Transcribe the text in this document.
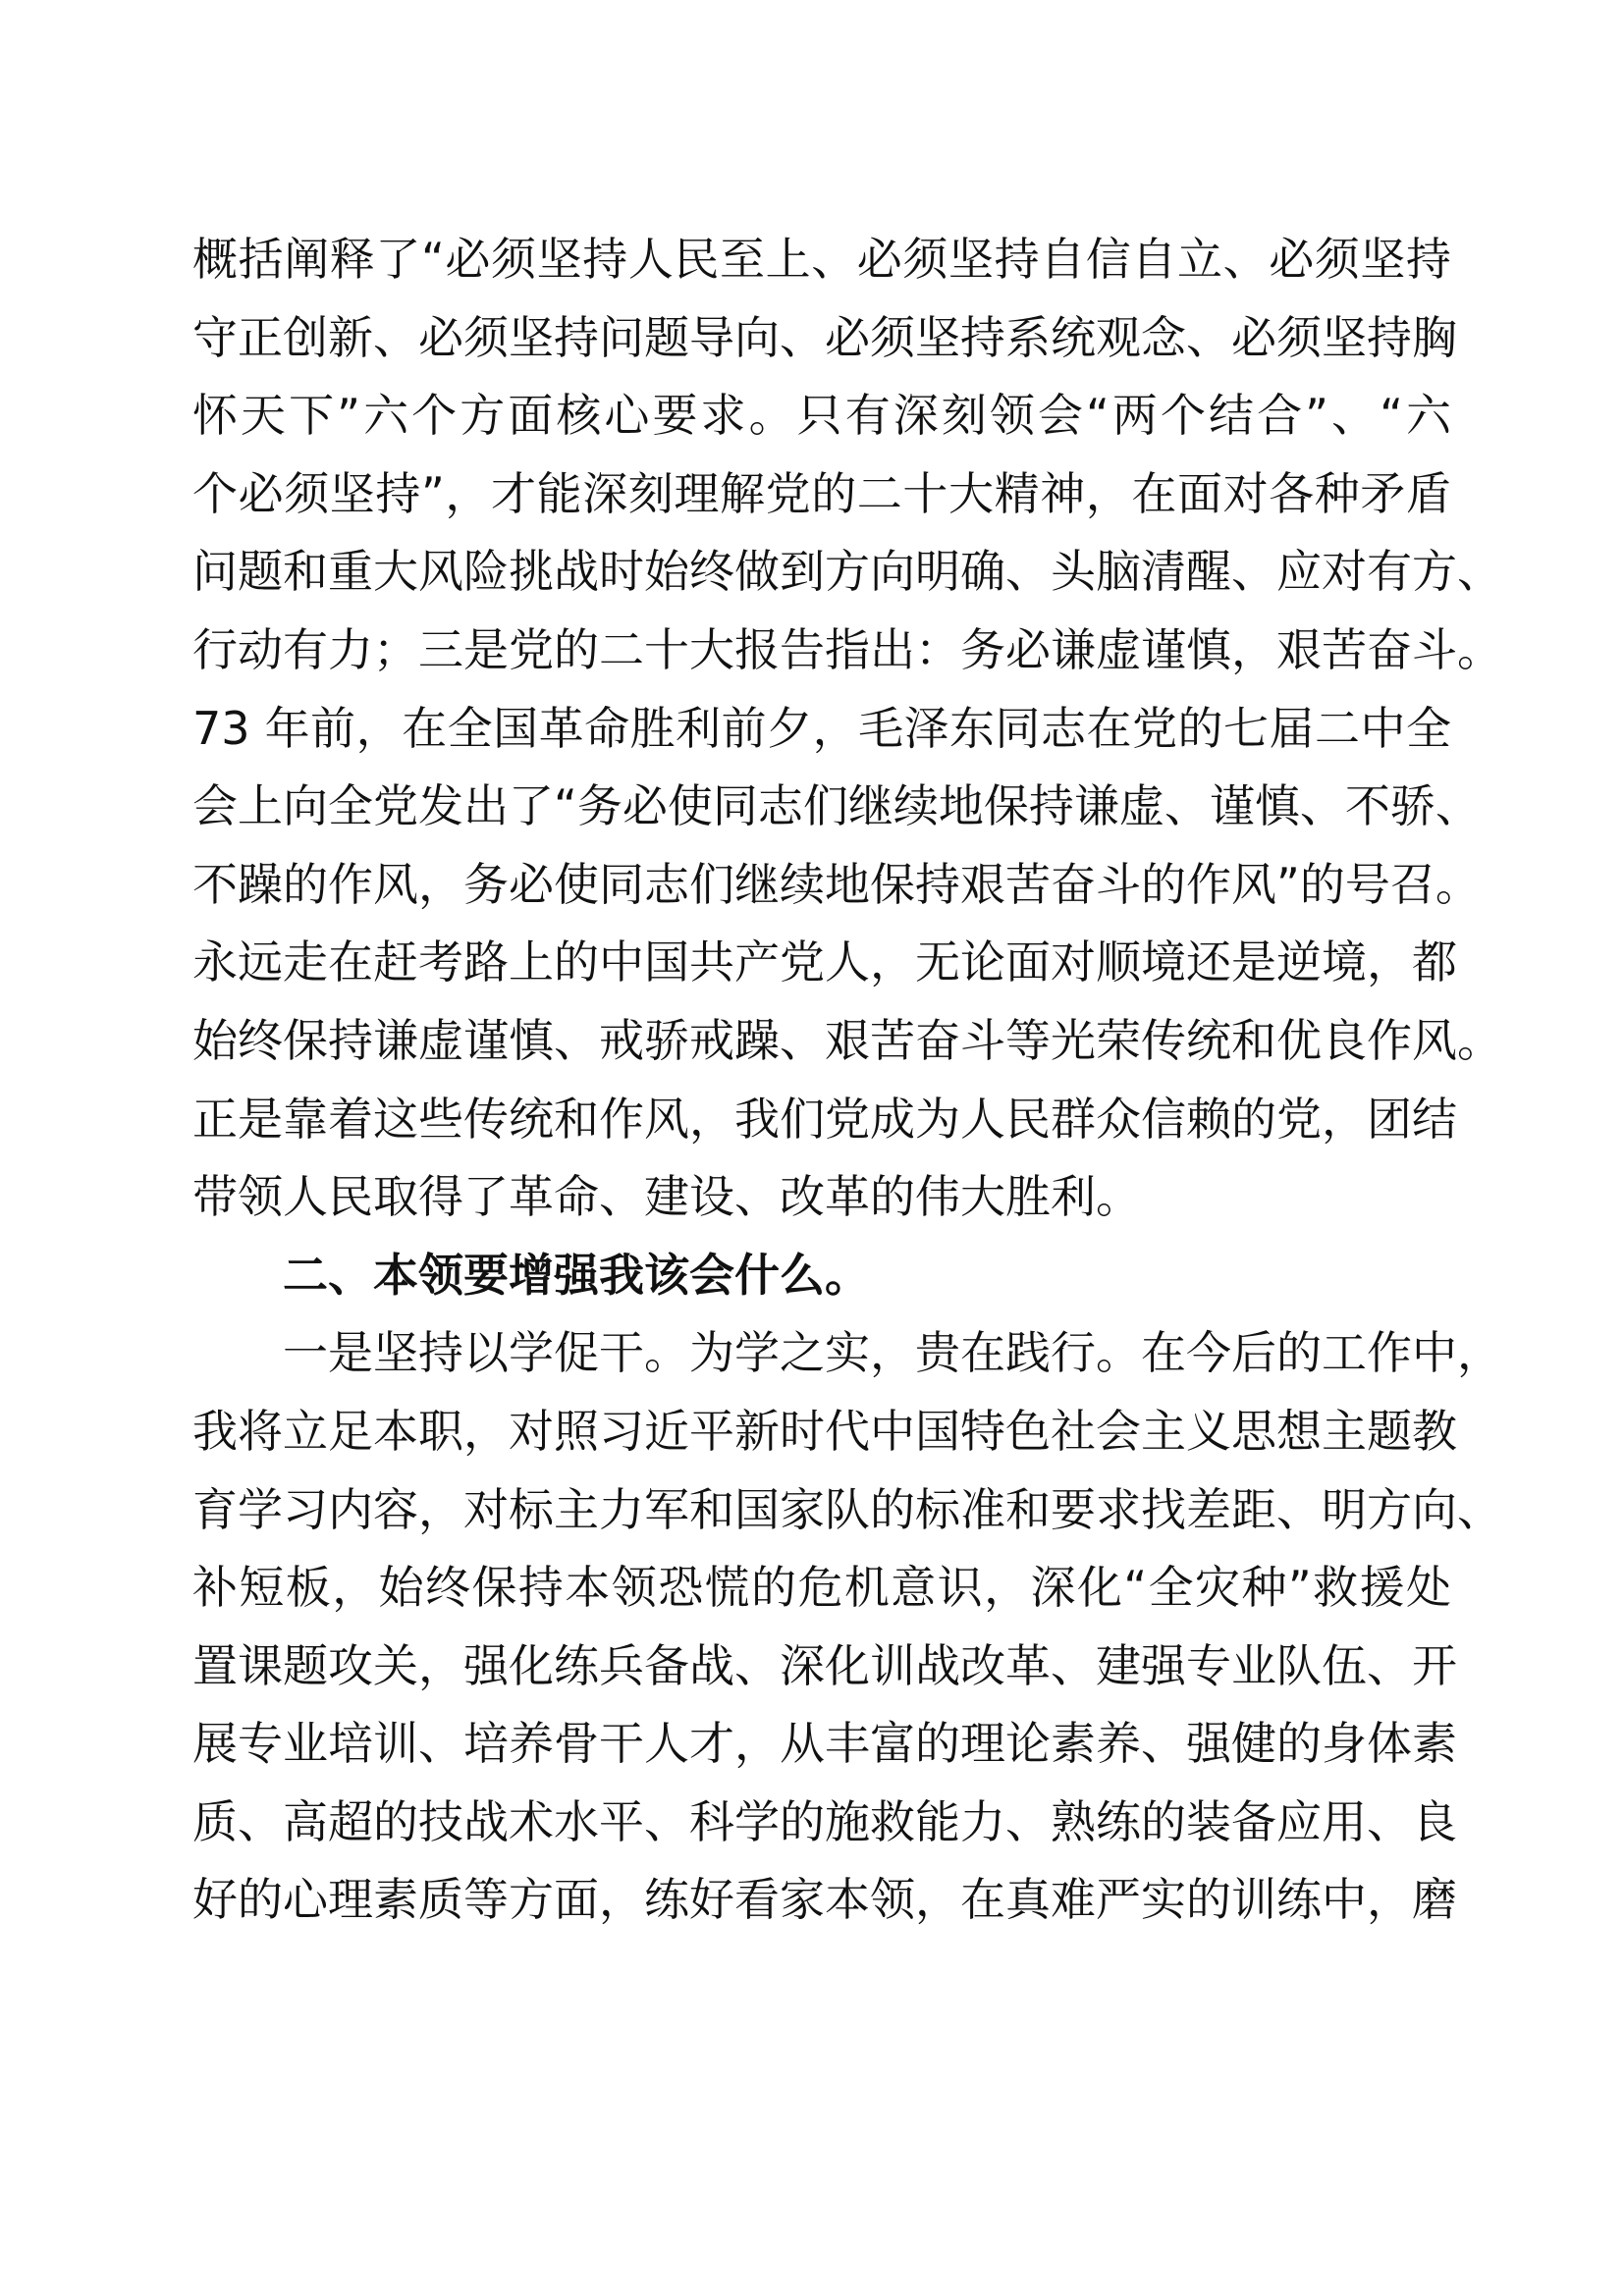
概括阐释了“必须坚持人民至上、必须坚持自信自立、必须坚持
守正创新、必须坚持问题导向、必须坚持系统观念、必须坚持胸
怀天下”六个方面核心要求。只有深刻领会“两个结合”、“六
个必须坚持”，才能深刻理解党的二十大精神，在面对各种矛盾
问题和重大风险挑战时始终做到方向明确、头脑清醒、应对有方、
行动有力；三是党的二十大报告指出：务必谦虚谨慎，艰苦奋斗。
73 年前，在全国革命胜利前夕，毛泽东同志在党的七届二中全
会上向全党发出了“务必使同志们继续地保持谦虚、谨慎、不骄、
不躁的作风，务必使同志们继续地保持艰苦奋斗的作风”的号召。
永远走在赶考路上的中国共产党人，无论面对顺境还是逆境，都
始终保持谦虚谨慎、戒骄戒躁、艰苦奋斗等光荣传统和优良作风。
正是靠着这些传统和作风，我们党成为人民群众信赖的党，团结
带领人民取得了革命、建设、改革的伟大胜利。
二、本领要增强我该会什么。
一是坚持以学促干。为学之实，贵在践行。在今后的工作中，
我将立足本职，对照习近平新时代中国特色社会主义思想主题教
育学习内容，对标主力军和国家队的标准和要求找差距、明方向、
补短板，始终保持本领恐慌的危机意识，深化“全灾种”救援处
置课题攻关，强化练兵备战、深化训战改革、建强专业队伍、开
展专业培训、培养骨干人才，从丰富的理论素养、强健的身体素
质、高超的技战术水平、科学的施救能力、熟练的装备应用、良
好的心理素质等方面，练好看家本领，在真难严实的训练中，磨
